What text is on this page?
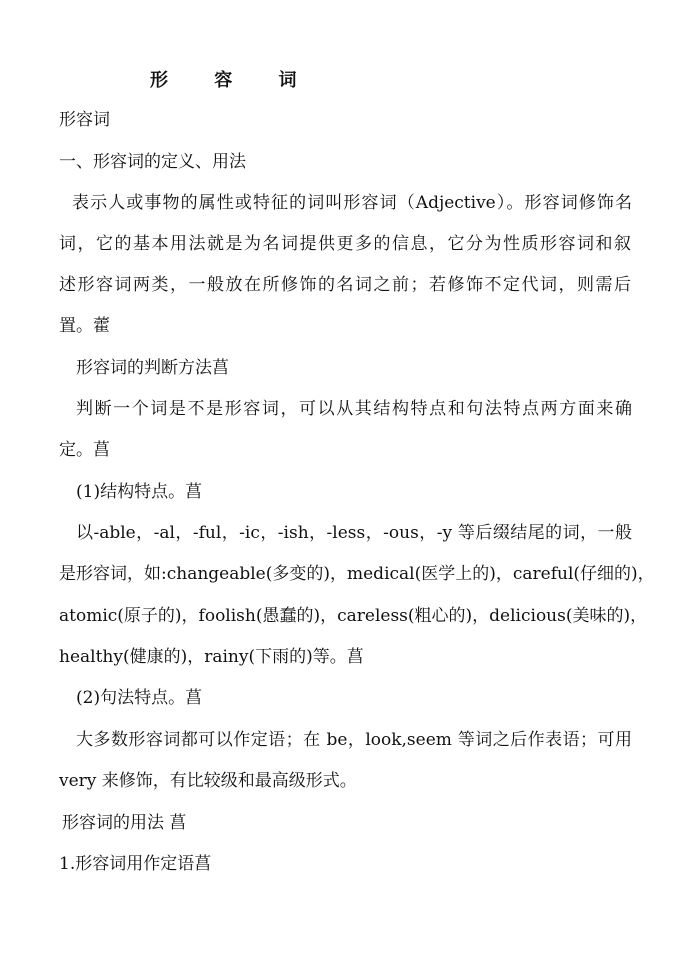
形 容 词
形容词
一、形容词的定义、用法
表示人或事物的属性或特征的词叫形容词（Adjective）。形容词修饰名
词，它的基本用法就是为名词提供更多的信息，它分为性质形容词和叙
述形容词两类，一般放在所修饰的名词之前；若修饰不定代词，则需后
置。藿
形容词的判断方法菖
判断一个词是不是形容词，可以从其结构特点和句法特点两方面来确
定。菖
(1)结构特点。菖
以-able，-al，-ful，-ic，-ish，-less，-ous，-y 等后缀结尾的词，一般
是形容词，如:changeable(多变的)，medical(医学上的)，careful(仔细的)，
atomic(原子的)，foolish(愚蠢的)，careless(粗心的)，delicious(美味的)，
healthy(健康的)，rainy(下雨的)等。菖
(2)句法特点。菖
大多数形容词都可以作定语；在 be，look,seem 等词之后作表语；可用
very 来修饰，有比较级和最高级形式。
形容词的用法 菖
1.形容词用作定语菖
